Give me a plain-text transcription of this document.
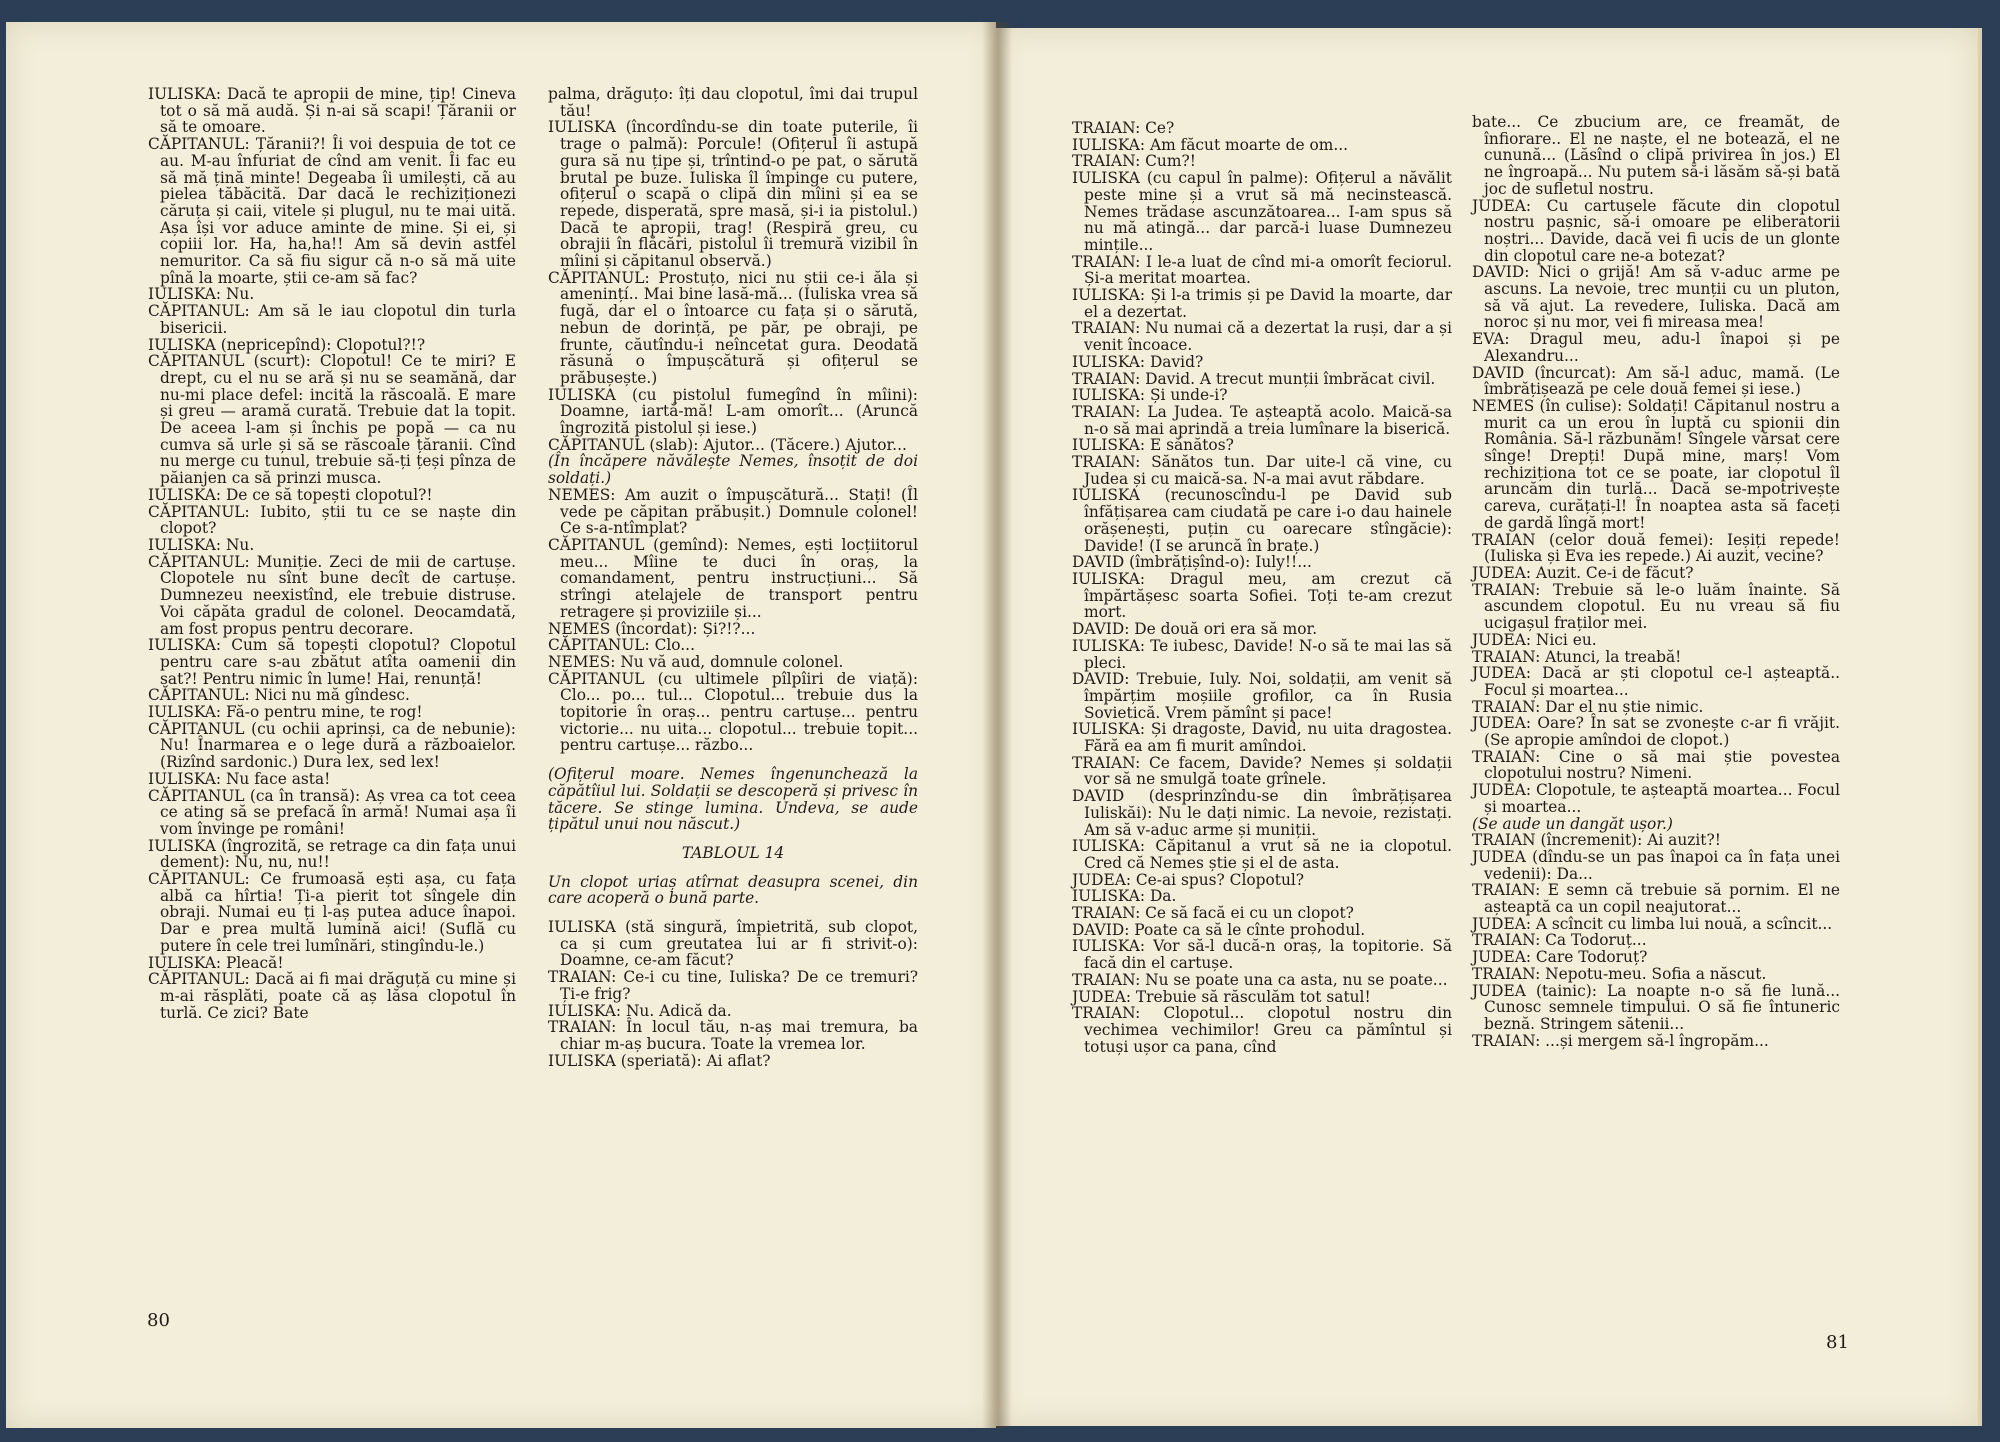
IULISKA: Dacă te apropii de mine, țip! Cineva tot o să mă audă. Și n-ai să scapi! Țăranii or să te omoare.

CĂPITANUL: Țăranii?! Îi voi despuia de tot ce au. M-au înfuriat de cînd am venit. Îi fac eu să mă țină minte! Degeaba îi umilești, că au pielea tăbăcită. Dar dacă le rechiziționezi căruța și caii, vitele și plugul, nu te mai uită. Așa își vor aduce aminte de mine. Și ei, și copiii lor. Ha, ha,ha!! Am să devin astfel nemuritor. Ca să fiu sigur că n-o să mă uite pînă la moarte, știi ce-am să fac?

IULISKA: Nu.

CĂPITANUL: Am să le iau clopotul din turla bisericii.

IULISKA (nepricepînd): Clopotul?!?

CĂPITANUL (scurt): Clopotul! Ce te miri? E drept, cu el nu se ară și nu se seamănă, dar nu-mi place defel: incită la răscoală. E mare și greu — aramă curată. Trebuie dat la topit. De aceea l-am și închis pe popă — ca nu cumva să urle și să se răscoale țăranii. Cînd nu merge cu tunul, trebuie să-ți țeși pînza de păianjen ca să prinzi musca.

IULISKA: De ce să topești clopotul?!

CĂPITANUL: Iubito, știi tu ce se naște din clopot?

IULISKA: Nu.

CĂPITANUL: Muniție. Zeci de mii de cartușe. Clopotele nu sînt bune decît de cartușe. Dumnezeu neexistînd, ele trebuie distruse. Voi căpăta gradul de colonel. Deocamdată, am fost propus pentru decorare.

IULISKA: Cum să topești clopotul? Clopotul pentru care s-au zbătut atîta oamenii din sat?! Pentru nimic în lume! Hai, renunță!

CĂPITANUL: Nici nu mă gîndesc.

IULISKA: Fă-o pentru mine, te rog!

CĂPITANUL (cu ochii aprinși, ca de nebunie): Nu! Înarmarea e o lege dură a războaielor. (Rizînd sardonic.) Dura lex, sed lex!

IULISKA: Nu face asta!

CĂPITANUL (ca în transă): Aș vrea ca tot ceea ce ating să se prefacă în armă! Numai așa îi vom învinge pe români!

IULISKA (îngrozită, se retrage ca din fața unui dement): Nu, nu, nu!!

CĂPITANUL: Ce frumoasă ești așa, cu fața albă ca hîrtia! Ți-a pierit tot sîngele din obraji. Numai eu ți l-aș putea aduce înapoi. Dar e prea multă lumină aici! (Suflă cu putere în cele trei lumînări, stingîndu-le.)

IULISKA: Pleacă!

CĂPITANUL: Dacă ai fi mai drăguță cu mine și m-ai răsplăti, poate că aș lăsa clopotul în turlă. Ce zici? Bate

palma, drăguțo: îți dau clopotul, îmi dai trupul tău!

IULISKA (încordîndu-se din toate puterile, îi trage o palmă): Porcule! (Ofițerul îi astupă gura să nu țipe și, trîntind-o pe pat, o sărută brutal pe buze. Iuliska îl împinge cu putere, ofițerul o scapă o clipă din mîini și ea se repede, disperată, spre masă, și-i ia pistolul.) Dacă te apropii, trag! (Respiră greu, cu obrajii în flăcări, pistolul îi tremură vizibil în mîini și căpitanul observă.)

CĂPITANUL: Prostuțo, nici nu știi ce-i ăla și amenințí.. Mai bine lasă-mă... (Iuliska vrea să fugă, dar el o întoarce cu fața și o sărută, nebun de dorință, pe păr, pe obraji, pe frunte, căutîndu-i neîncetat gura. Deodată răsună o împușcătură și ofițerul se prăbușește.)

IULISKA (cu pistolul fumegînd în mîini): Doamne, iartă-mă! L-am omorît... (Aruncă îngrozită pistolul și iese.)

CĂPITANUL (slab): Ajutor... (Tăcere.) Ajutor...

(În încăpere năvălește Nemes, însoțit de doi soldați.)

NEMES: Am auzit o împușcătură... Stați! (Îl vede pe căpitan prăbușit.) Domnule colonel! Ce s-a-ntîmplat?

CĂPITANUL (gemînd): Nemes, ești locțiitorul meu... Mîine te duci în oraș, la comandament, pentru instrucțiuni... Să strîngi atelajele de transport pentru retragere și proviziile și...

NEMES (încordat): Și?!?...

CĂPITANUL: Clo...

NEMES: Nu vă aud, domnule colonel.

CĂPITANUL (cu ultimele pîlpîiri de viață): Clo... po... tul... Clopotul... trebuie dus la topitorie în oraș... pentru cartușe... pentru victorie... nu uita... clopotul... trebuie topit... pentru cartușe... războ...

(Ofițerul moare. Nemes îngenunchează la căpătîiul lui. Soldații se descoperă și privesc în tăcere. Se stinge lumina. Undeva, se aude țipătul unui nou născut.)

TABLOUL 14

Un clopot uriaș atîrnat deasupra scenei, din care acoperă o bună parte.

IULISKA (stă singură, împietrită, sub clopot, ca și cum greutatea lui ar fi strivit-o): Doamne, ce-am făcut?

TRAIAN: Ce-i cu tine, Iuliska? De ce tremuri? Ți-e frig?

IULISKA: Nu. Adică da.

TRAIAN: În locul tău, n-aș mai tremura, ba chiar m-aș bucura. Toate la vremea lor.

IULISKA (speriată): Ai aflat?

TRAIAN: Ce?

IULISKA: Am făcut moarte de om...

TRAIAN: Cum?!

IULISKA (cu capul în palme): Ofițerul a năvălit peste mine și a vrut să mă necinstească. Nemes trădase ascunzătoarea... I-am spus să nu mă atingă... dar parcă-i luase Dumnezeu mințile...

TRAIAN: I le-a luat de cînd mi-a omorît feciorul. Și-a meritat moartea.

IULISKA: Și l-a trimis și pe David la moarte, dar el a dezertat.

TRAIAN: Nu numai că a dezertat la ruși, dar a și venit încoace.

IULISKA: David?

TRAIAN: David. A trecut munții îmbrăcat civil.

IULISKA: Și unde-i?

TRAIAN: La Judea. Te așteaptă acolo. Maică-sa n-o să mai aprindă a treia lumînare la biserică.

IULISKA: E sănătos?

TRAIAN: Sănătos tun. Dar uite-l că vine, cu Judea și cu maică-sa. N-a mai avut răbdare.

IULISKA (recunoscîndu-l pe David sub înfățișarea cam ciudată pe care i-o dau hainele orășenești, puțin cu oarecare stîngăcie): Davide! (I se aruncă în brațe.)

DAVID (îmbrățișînd-o): Iuly!!...

IULISKA: Dragul meu, am crezut că împărtășesc soarta Sofiei. Toți te-am crezut mort.

DAVID: De două ori era să mor.

IULISKA: Te iubesc, Davide! N-o să te mai las să pleci.

DAVID: Trebuie, Iuly. Noi, soldații, am venit să împărțim moșiile grofilor, ca în Rusia Sovietică. Vrem pămînt și pace!

IULISKA: Și dragoste, David, nu uita dragostea. Fără ea am fi murit amîndoi.

TRAIAN: Ce facem, Davide? Nemes și soldații vor să ne smulgă toate grînele.

DAVID (desprinzîndu-se din îmbrățișarea Iuliskăi): Nu le dați nimic. La nevoie, rezistați. Am să v-aduc arme și muniții.

IULISKA: Căpitanul a vrut să ne ia clopotul. Cred că Nemes știe și el de asta.

JUDEA: Ce-ai spus? Clopotul?

IULISKA: Da.

TRAIAN: Ce să facă ei cu un clopot?

DAVID: Poate ca să le cînte prohodul.

IULISKA: Vor să-l ducă-n oraș, la topitorie. Să facă din el cartușe.

TRAIAN: Nu se poate una ca asta, nu se poate...

JUDEA: Trebuie să răsculăm tot satul!

TRAIAN: Clopotul... clopotul nostru din vechimea vechimilor! Greu ca pămîntul și totuși ușor ca pana, cînd

bate... Ce zbucium are, ce freamăt, de înfiorare.. El ne naște, el ne botează, el ne cunună... (Lăsînd o clipă privirea în jos.) El ne îngroapă... Nu putem să-i lăsăm să-și bată joc de sufletul nostru.

JUDEA: Cu cartușele făcute din clopotul nostru pașnic, să-i omoare pe eliberatorii noștri... Davide, dacă vei fi ucis de un glonte din clopotul care ne-a botezat?

DAVID: Nici o grijă! Am să v-aduc arme pe ascuns. La nevoie, trec munții cu un pluton, să vă ajut. La revedere, Iuliska. Dacă am noroc și nu mor, vei fi mireasa mea!

EVA: Dragul meu, adu-l înapoi și pe Alexandru...

DAVID (încurcat): Am să-l aduc, mamă. (Le îmbrățișează pe cele două femei și iese.)

NEMES (în culise): Soldați! Căpitanul nostru a murit ca un erou în luptă cu spionii din România. Să-l răzbunăm! Sîngele vărsat cere sînge! Drepți! După mine, marș! Vom rechiziționa tot ce se poate, iar clopotul îl aruncăm din turlă... Dacă se-mpotrivește careva, curățați-l! În noaptea asta să faceți de gardă lîngă mort!

TRAIAN (celor două femei): Ieșiți repede! (Iuliska și Eva ies repede.) Ai auzit, vecine?

JUDEA: Auzit. Ce-i de făcut?

TRAIAN: Trebuie să le-o luăm înainte. Să ascundem clopotul. Eu nu vreau să fiu ucigașul fraților mei.

JUDEA: Nici eu.

TRAIAN: Atunci, la treabă!

JUDEA: Dacă ar ști clopotul ce-l așteaptă.. Focul și moartea...

TRAIAN: Dar el nu știe nimic.

JUDEA: Oare? În sat se zvonește c-ar fi vrăjit. (Se apropie amîndoi de clopot.)

TRAIAN: Cine o să mai știe povestea clopotului nostru? Nimeni.

JUDEA: Clopotule, te așteaptă moartea... Focul și moartea...

(Se aude un dangăt ușor.)

TRAIAN (încremenit): Ai auzit?!

JUDEA (dîndu-se un pas înapoi ca în fața unei vedenii): Da...

TRAIAN: E semn că trebuie să pornim. El ne așteaptă ca un copil neajutorat...

JUDEA: A scîncit cu limba lui nouă, a scîncit...

TRAIAN: Ca Todoruț...

JUDEA: Care Todoruț?

TRAIAN: Nepotu-meu. Sofia a născut.

JUDEA (tainic): La noapte n-o să fie lună... Cunosc semnele timpului. O să fie întuneric beznă. Stringem sătenii...

TRAIAN: ...și mergem să-l îngropăm...

80
81
